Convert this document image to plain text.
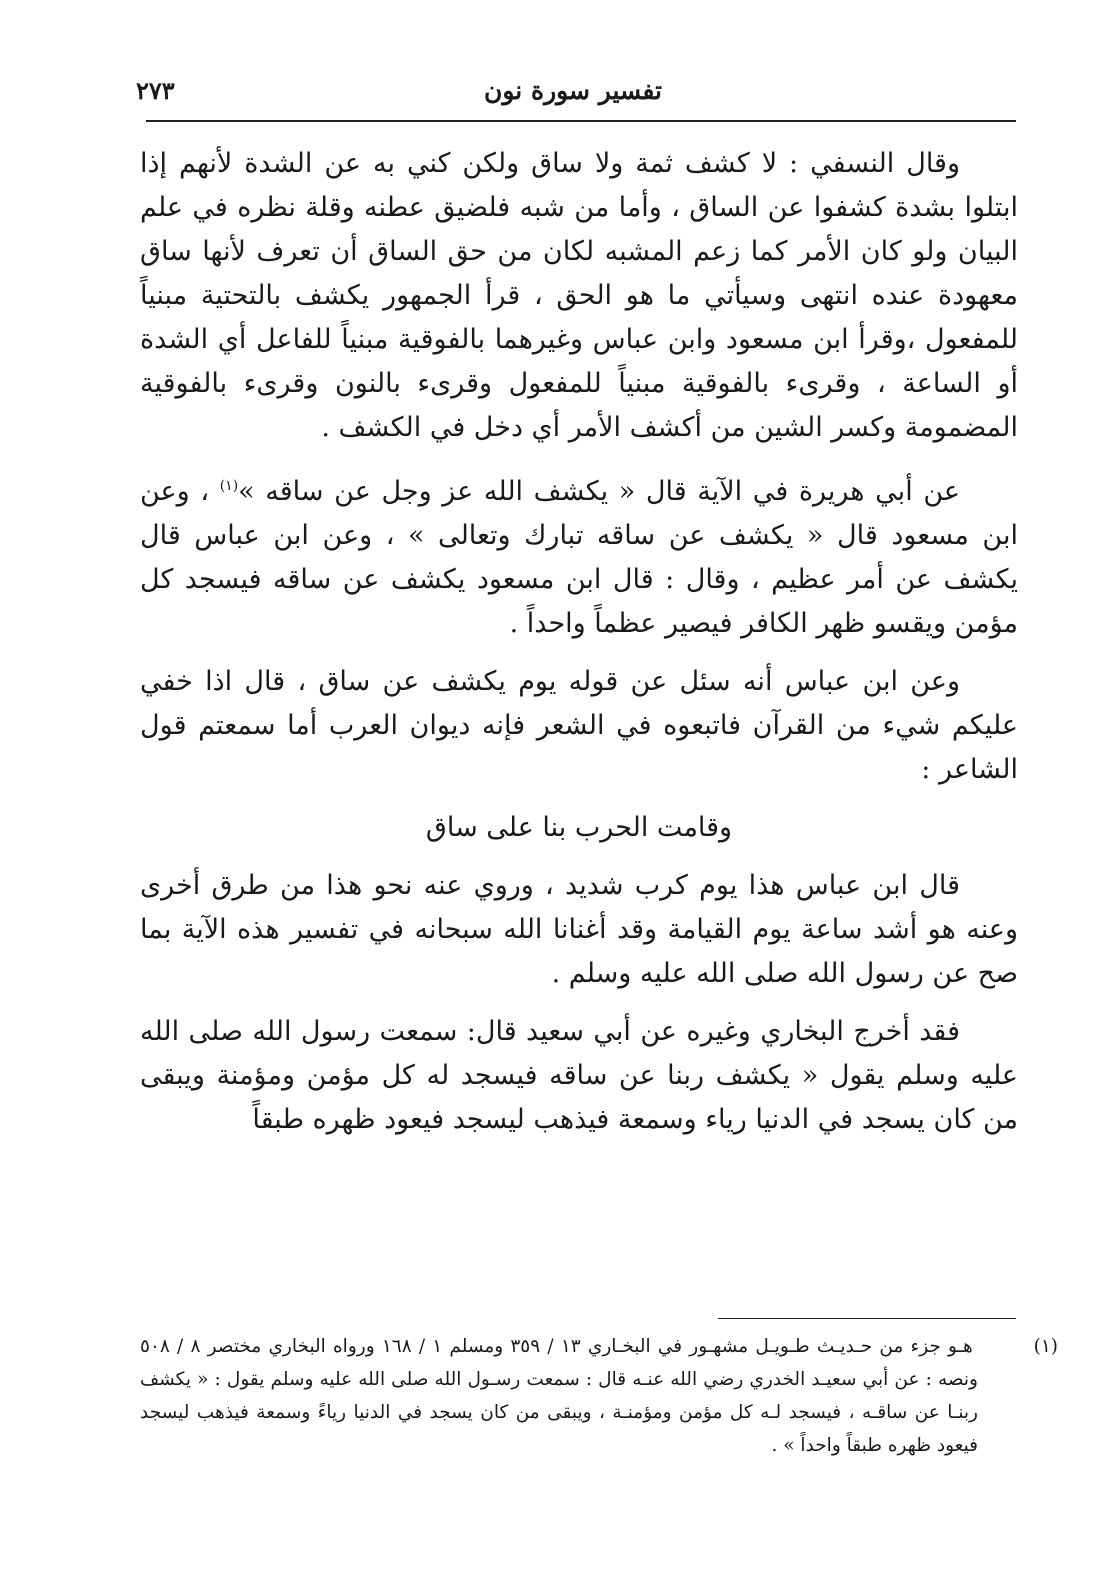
٢٧٣	تفسير سورة نون

وقال النسفي : لا كشف ثمة ولا ساق ولكن كني به عن الشدة لأنهم إذا ابتلوا بشدة كشفوا عن الساق ، وأما من شبه فلضيق عطنه وقلة نظره في علم البيان ولو كان الأمر كما زعم المشبه لكان من حق الساق أن تعرف لأنها ساق معهودة عنده انتهى وسيأتي ما هو الحق ، قرأ الجمهور يكشف بالتحتية مبنياً للمفعول ،وقرأ ابن مسعود وابن عباس وغيرهما بالفوقية مبنياً للفاعل أي الشدة أو الساعة ، وقرىء بالفوقية مبنياً للمفعول وقرىء بالنون وقرىء بالفوقية المضمومة وكسر الشين من أكشف الأمر أي دخل في الكشف .

عن أبي هريرة في الآية قال « يكشف الله عز وجل عن ساقه »$^{(١)}$ ، وعن ابن مسعود قال « يكشف عن ساقه تبارك وتعالى » ، وعن ابن عباس قال يكشف عن أمر عظيم ، وقال : قال ابن مسعود يكشف عن ساقه فيسجد كل مؤمن ويقسو ظهر الكافر فيصير عظماً واحداً .

وعن ابن عباس أنه سئل عن قوله يوم يكشف عن ساق ، قال اذا خفي عليكم شيء من القرآن فاتبعوه في الشعر فإنه ديوان العرب أما سمعتم قول الشاعر :

وقامت الحرب بنا على ساق

قال ابن عباس هذا يوم كرب شديد ، وروي عنه نحو هذا من طرق أخرى وعنه هو أشد ساعة يوم القيامة وقد أغنانا الله سبحانه في تفسير هذه الآية بما صح عن رسول الله صلى الله عليه وسلم .

فقد أخرج البخاري وغيره عن أبي سعيد قال: سمعت رسول الله صلى الله عليه وسلم يقول « يكشف ربنا عن ساقه فيسجد له كل مؤمن ومؤمنة ويبقى من كان يسجد في الدنيا رياء وسمعة فيذهب ليسجد فيعود ظهره طبقاً

(١) هـو جزء من حـديـث طـويـل مشهـور في البخـاري ١٣ / ٣٥٩ ومسلم ١ / ١٦٨ ورواه البخاري مختصر ٨ / ٥٠٨ ونصه : عن أبي سعيـد الخدري رضي الله عنـه قال : سمعت رسـول الله صلى الله عليه وسلم يقول : « يكشف ربنـا عن ساقـه ، فيسجد لـه كل مؤمن ومؤمنـة ، ويبقى من كان يسجد في الدنيا رياءً وسمعة فيذهب ليسجد فيعود ظهره طبقاً واحداً » .
